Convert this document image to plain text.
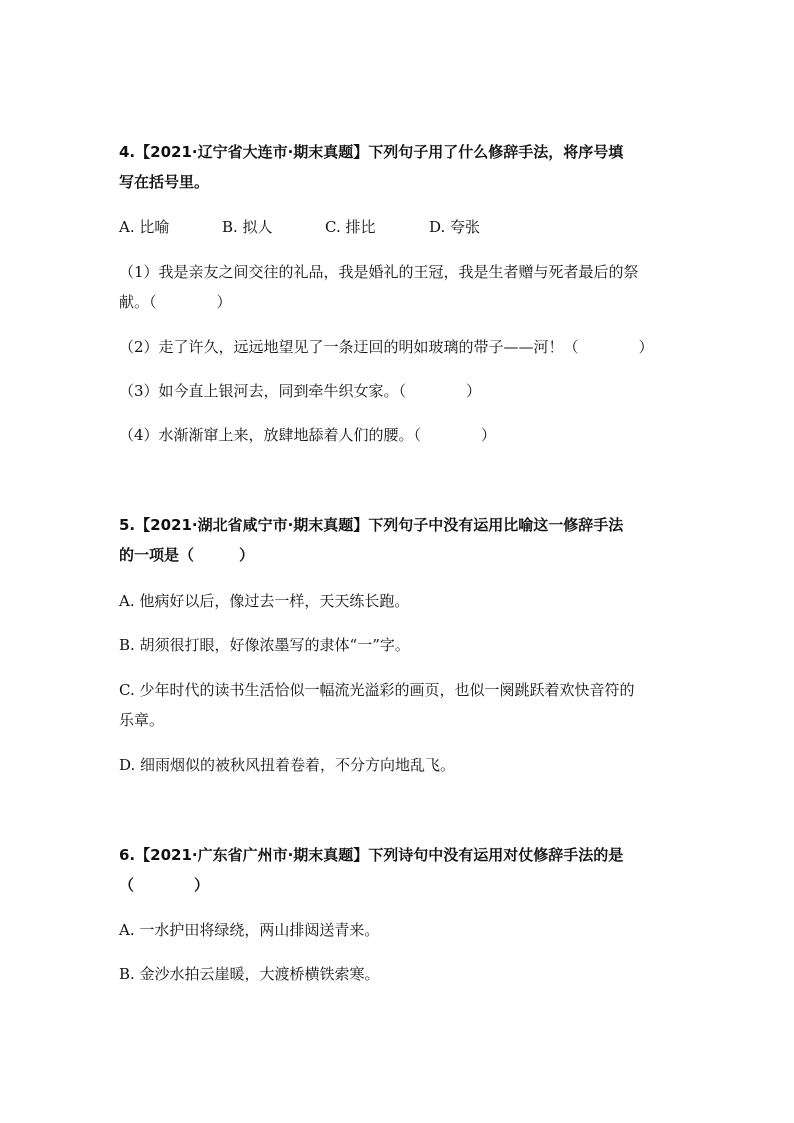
4.【2021·辽宁省大连市·期末真题】下列句子用了什么修辞手法，将序号填

写在括号里。

A. 比喻	B. 拟人	C. 排比	D. 夸张

（1）我是亲友之间交往的礼品，我是婚礼的王冠，我是生者赠与死者最后的祭

献。（　　　　）

（2）走了许久，远远地望见了一条迂回的明如玻璃的带子——河！（　　　　）

（3）如今直上银河去，同到牵牛织女家。（　　　　）

（4）水渐渐窜上来，放肆地舔着人们的腰。（　　　　）

5.【2021·湖北省咸宁市·期末真题】下列句子中没有运用比喻这一修辞手法

的一项是（　　　）

A. 他病好以后，像过去一样，天天练长跑。

B. 胡须很打眼，好像浓墨写的隶体“一”字。

C. 少年时代的读书生活恰似一幅流光溢彩的画页，也似一阕跳跃着欢快音符的

乐章。

D. 细雨烟似的被秋风扭着卷着，不分方向地乱飞。

6.【2021·广东省广州市·期末真题】下列诗句中没有运用对仗修辞手法的是

（　　　　）

A. 一水护田将绿绕，两山排闼送青来。

B. 金沙水拍云崖暖，大渡桥横铁索寒。
